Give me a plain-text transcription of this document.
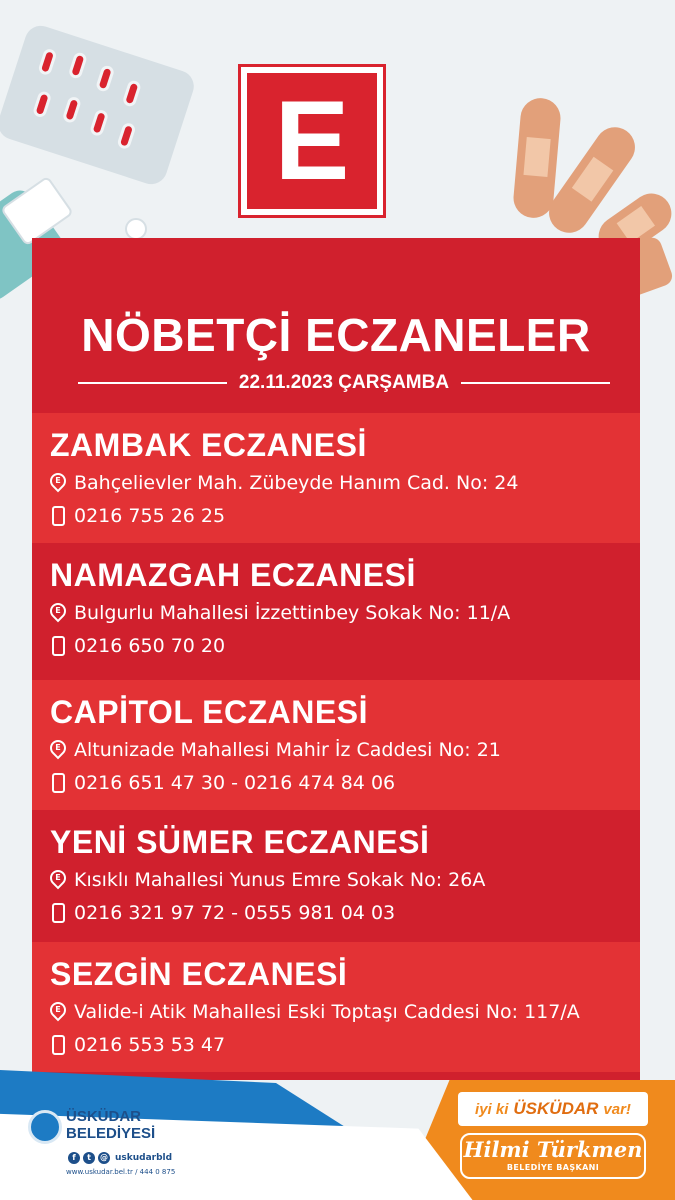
E
NÖBETÇİ ECZANELER
22.11.2023 ÇARŞAMBA
ZAMBAK ECZANESİ
E Bahçelievler Mah. Zübeyde Hanım Cad. No: 24
0216 755 26 25
NAMAZGAH ECZANESİ
E Bulgurlu Mahallesi İzzettinbey Sokak No: 11/A
0216 650 70 20
CAPİTOL ECZANESİ
E Altunizade Mahallesi Mahir İz Caddesi No: 21
0216 651 47 30 - 0216 474 84 06
YENİ SÜMER ECZANESİ
E Kısıklı Mahallesi Yunus Emre Sokak No: 26A
0216 321 97 72 - 0555 981 04 03
SEZGİN ECZANESİ
E Valide-i Atik Mahallesi Eski Toptaşı Caddesi No: 117/A
0216 553 53 47
ÜSKÜDAR
BELEDİYESİ
f	t	@ uskudarbld
www.uskudar.bel.tr / 444 0 875
iyi ki ÜSKÜDAR var!
Hilmi Türkmen
BELEDİYE BAŞKANI
